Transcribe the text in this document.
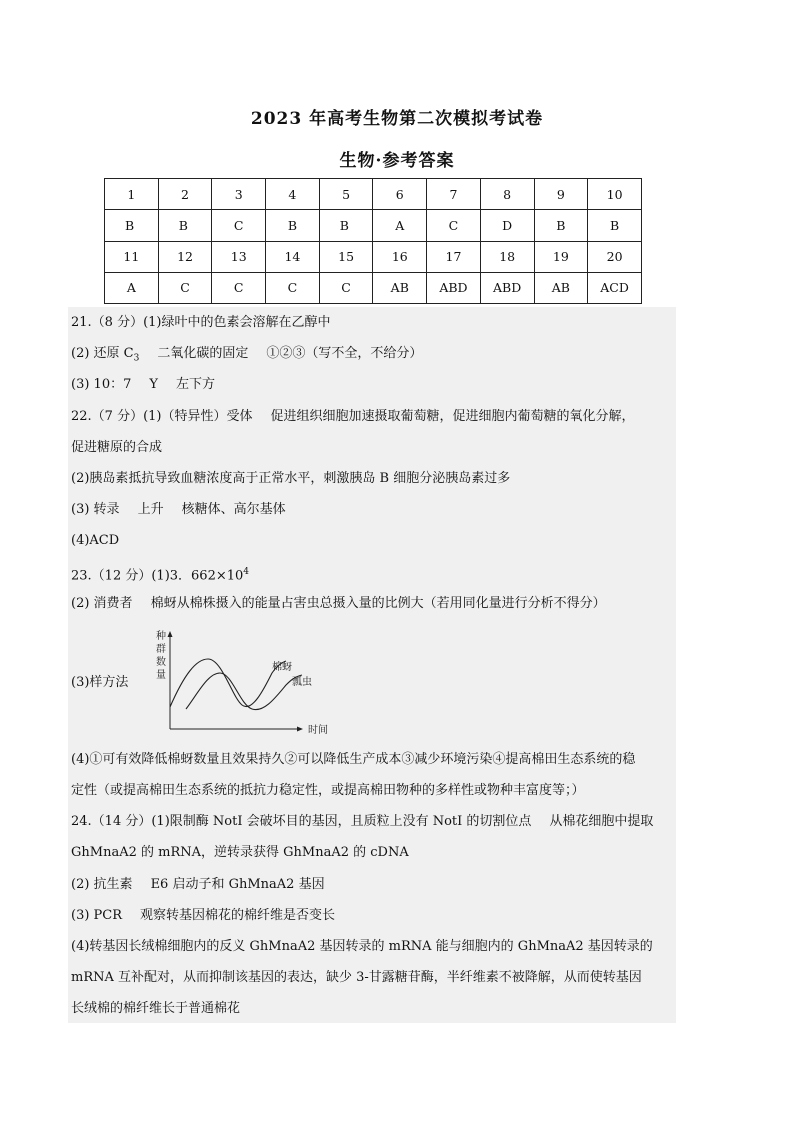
2023 年高考生物第二次模拟考试卷
生物·参考答案
1	2	3	4	5	6	7	8	9	10
B	B	C	B	B	A	C	D	B	B
11	12	13	14	15	16	17	18	19	20
A	C	C	C	C	AB	ABD	ABD	AB	ACD
21.（8 分）(1)绿叶中的色素会溶解在乙醇中
(2) 还原 $C_3$ 二氧化碳的固定 ①②③（写不全，不给分）
(3) 10：7 Y 左下方
22.（7 分）(1)（特异性）受体 促进组织细胞加速摄取葡萄糖，促进细胞内葡萄糖的氧化分解，
促进糖原的合成
(2)胰岛素抵抗导致血糖浓度高于正常水平，刺激胰岛 B 细胞分泌胰岛素过多
(3) 转录 上升 核糖体、高尔基体
(4)ACD
23.（12 分）(1)3．$662\times 10^4$
(2) 消费者 棉蚜从棉株摄入的能量占害虫总摄入量的比例大（若用同化量进行分析不得分）
(3)样方法
种
群
数
量
时间
棉蚜
瓢虫
(4)①可有效降低棉蚜数量且效果持久②可以降低生产成本③减少环境污染④提高棉田生态系统的稳
定性（或提高棉田生态系统的抵抗力稳定性，或提高棉田物种的多样性或物种丰富度等；）
24.（14 分）(1)限制酶 NotI 会破坏目的基因，且质粒上没有 NotI 的切割位点 从棉花细胞中提取
GhMnaA2 的 mRNA，逆转录获得 GhMnaA2 的 cDNA
(2) 抗生素 E6 启动子和 GhMnaA2 基因
(3) PCR 观察转基因棉花的棉纤维是否变长
(4)转基因长绒棉细胞内的反义 GhMnaA2 基因转录的 mRNA 能与细胞内的 GhMnaA2 基因转录的
mRNA 互补配对，从而抑制该基因的表达，缺少 3-甘露糖苷酶，半纤维素不被降解，从而使转基因
长绒棉的棉纤维长于普通棉花
